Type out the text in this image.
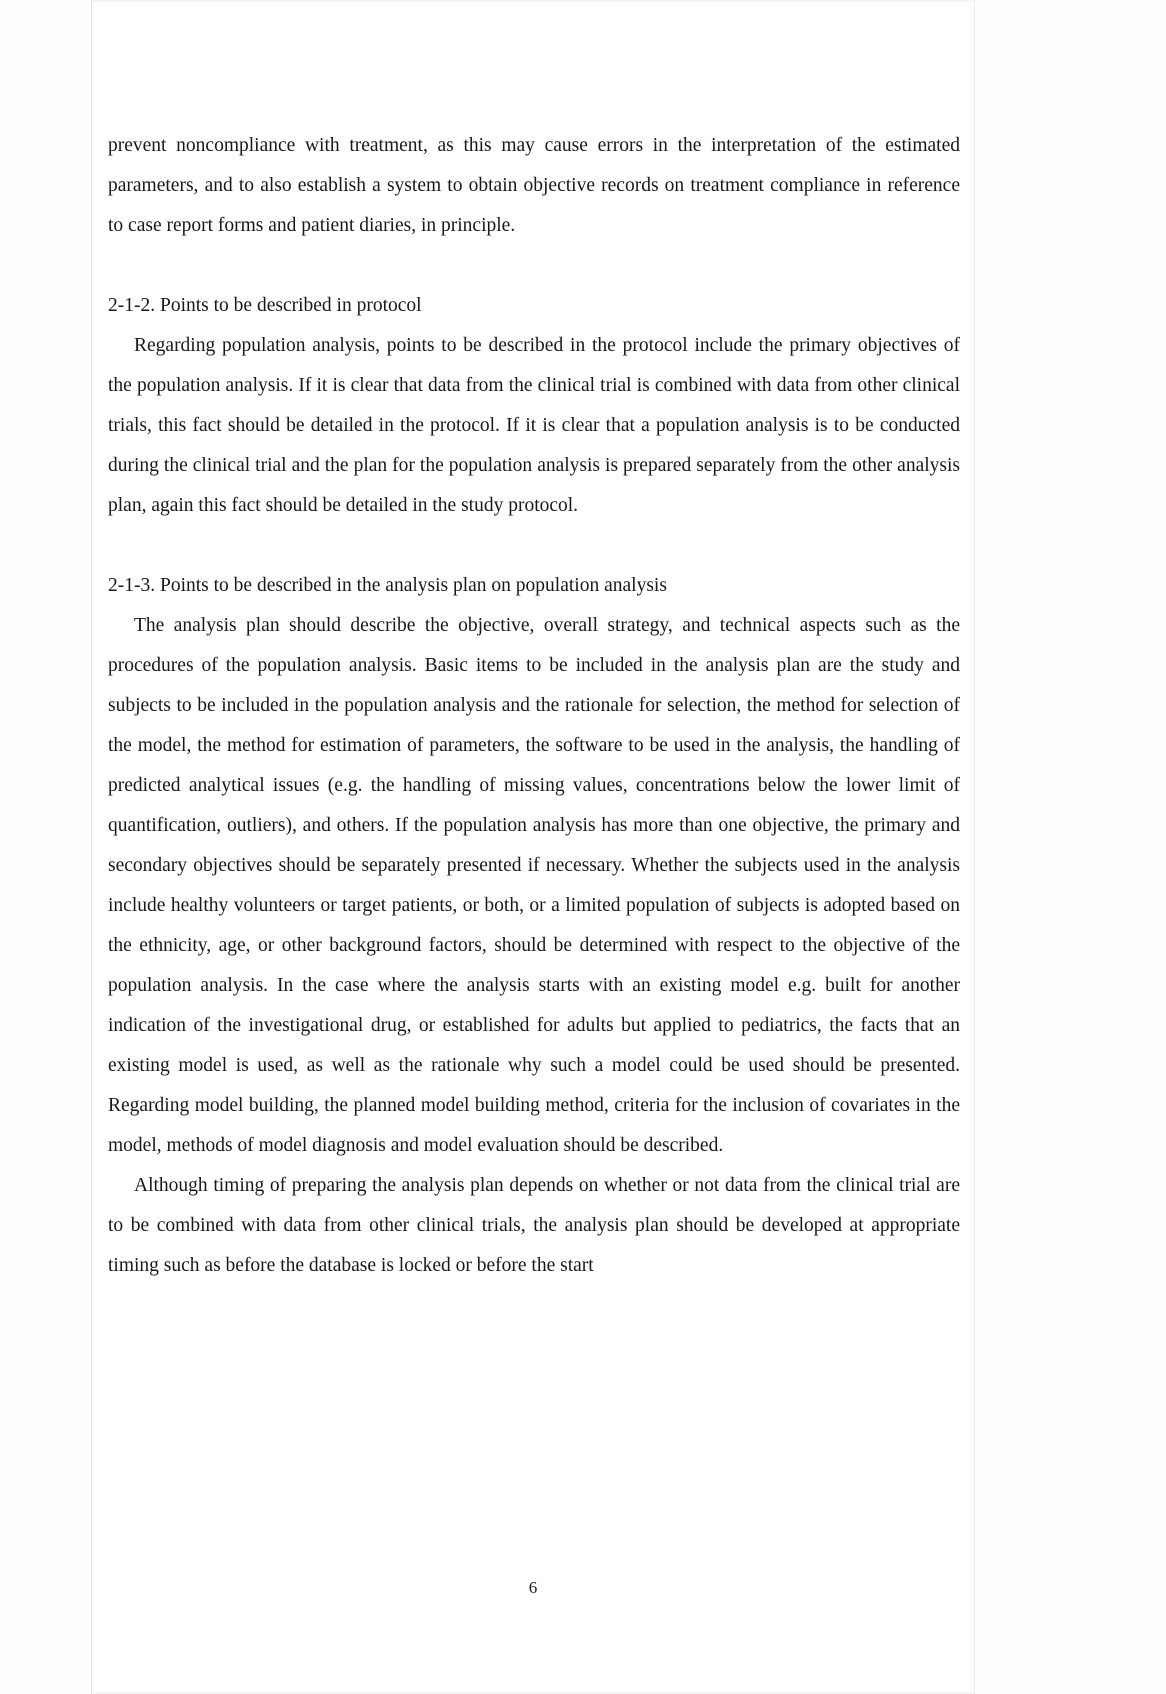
prevent noncompliance with treatment, as this may cause errors in the interpretation of the estimated parameters, and to also establish a system to obtain objective records on treatment compliance in reference to case report forms and patient diaries, in principle.

2-1-2. Points to be described in protocol

Regarding population analysis, points to be described in the protocol include the primary objectives of the population analysis. If it is clear that data from the clinical trial is combined with data from other clinical trials, this fact should be detailed in the protocol. If it is clear that a population analysis is to be conducted during the clinical trial and the plan for the population analysis is prepared separately from the other analysis plan, again this fact should be detailed in the study protocol.

2-1-3. Points to be described in the analysis plan on population analysis

The analysis plan should describe the objective, overall strategy, and technical aspects such as the procedures of the population analysis. Basic items to be included in the analysis plan are the study and subjects to be included in the population analysis and the rationale for selection, the method for selection of the model, the method for estimation of parameters, the software to be used in the analysis, the handling of predicted analytical issues (e.g. the handling of missing values, concentrations below the lower limit of quantification, outliers), and others. If the population analysis has more than one objective, the primary and secondary objectives should be separately presented if necessary. Whether the subjects used in the analysis include healthy volunteers or target patients, or both, or a limited population of subjects is adopted based on the ethnicity, age, or other background factors, should be determined with respect to the objective of the population analysis. In the case where the analysis starts with an existing model e.g. built for another indication of the investigational drug, or established for adults but applied to pediatrics, the facts that an existing model is used, as well as the rationale why such a model could be used should be presented. Regarding model building, the planned model building method, criteria for the inclusion of covariates in the model, methods of model diagnosis and model evaluation should be described.

Although timing of preparing the analysis plan depends on whether or not data from the clinical trial are to be combined with data from other clinical trials, the analysis plan should be developed at appropriate timing such as before the database is locked or before the start

6
